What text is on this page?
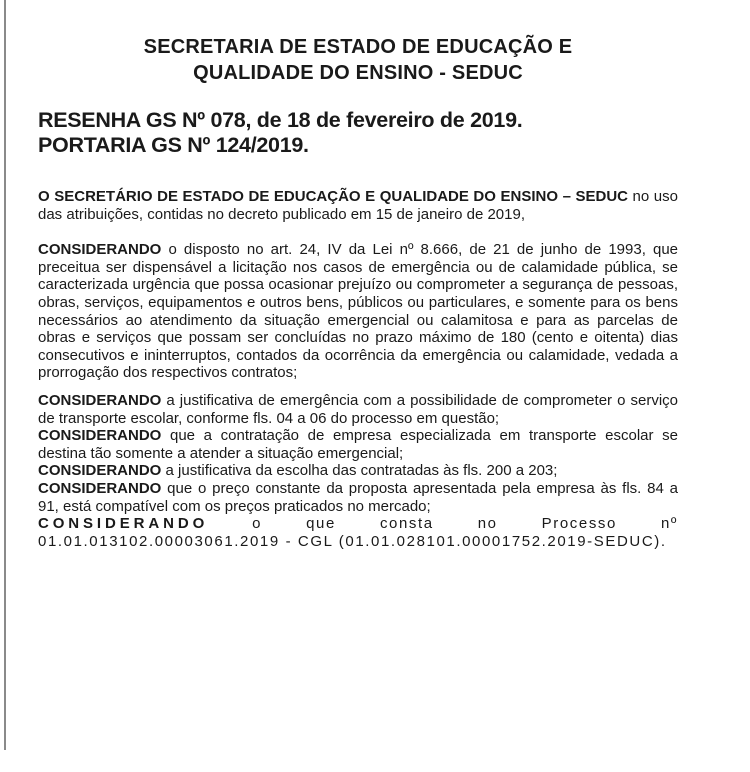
SECRETARIA DE ESTADO DE EDUCAÇÃO E

QUALIDADE DO ENSINO - SEDUC

RESENHA GS Nº 078, de 18 de fevereiro de 2019.

PORTARIA GS Nº 124/2019.

O SECRETÁRIO DE ESTADO DE EDUCAÇÃO E QUALIDADE DO ENSINO – SEDUC no uso das atribuições, contidas no decreto publicado em 15 de janeiro de 2019,

CONSIDERANDO o disposto no art. 24, IV da Lei nº 8.666, de 21 de junho de 1993, que preceitua ser dispensável a licitação nos casos de emergência ou de calamidade pública, se caracterizada urgência que possa ocasionar prejuízo ou comprometer a segurança de pessoas, obras, serviços, equipamentos e outros bens, públicos ou particulares, e somente para os bens necessários ao atendimento da situação emergencial ou calamitosa e para as parcelas de obras e serviços que possam ser concluídas no prazo máximo de 180 (cento e oitenta) dias consecutivos e ininterruptos, contados da ocorrência da emergência ou calamidade, vedada a prorrogação dos respectivos contratos;

CONSIDERANDO a justificativa de emergência com a possibilidade de comprometer o serviço de transporte escolar, conforme fls. 04 a 06 do processo em questão;

CONSIDERANDO que a contratação de empresa especializada em transporte escolar se destina tão somente a atender a situação emergencial;

CONSIDERANDO a justificativa da escolha das contratadas às fls. 200 a 203;

CONSIDERANDO que o preço constante da proposta apresentada pela empresa às fls. 84 a 91, está compatível com os preços praticados no mercado;

CONSIDERANDO o que consta no Processo nº 01.01.013102.00003061.2019 - CGL (01.01.028101.00001752.2019-SEDUC).
